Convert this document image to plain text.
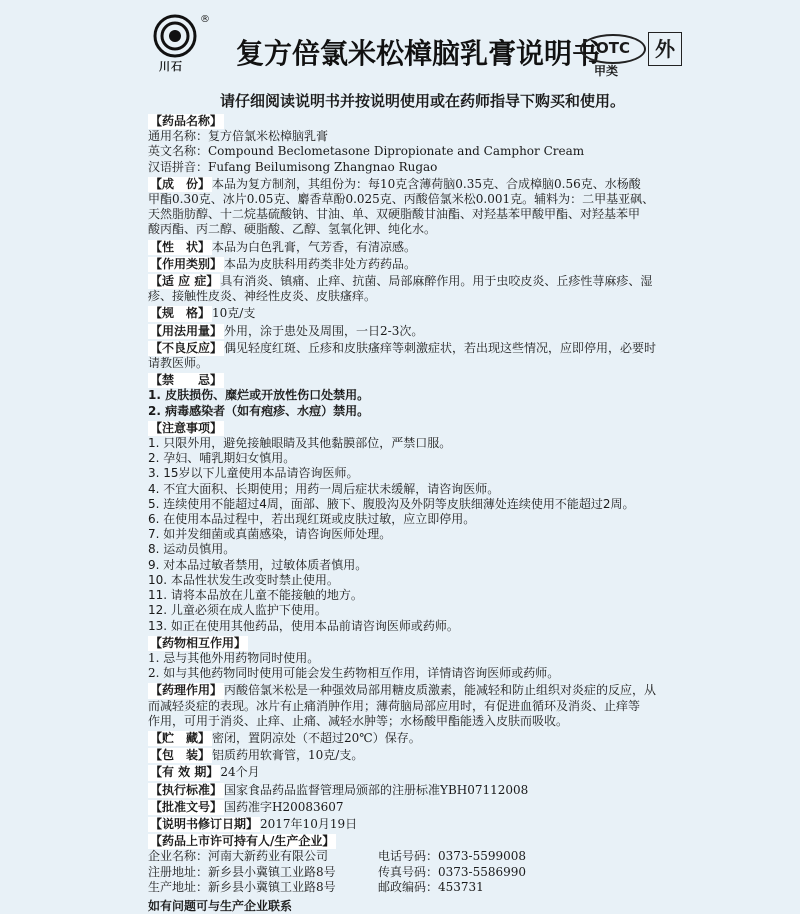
®
川石 复方倍氯米松樟脑乳膏说明书
OTC
甲类
外
请仔细阅读说明书并按说明使用或在药师指导下购买和使用。
【药品名称】
通用名称：复方倍氯米松樟脑乳膏
英文名称：Compound Beclometasone Dipropionate and Camphor Cream
汉语拼音：Fufang Beilumisong Zhangnao Rugao
【成　份】 本品为复方制剂，其组份为：每10克含薄荷脑0.35克、合成樟脑0.56克、水杨酸
甲酯0.30克、冰片0.05克、麝香草酚0.025克、丙酸倍氯米松0.001克。辅料为：二甲基亚砜、
天然脂肪醇、十二烷基硫酸钠、甘油、单、双硬脂酸甘油酯、对羟基苯甲酸甲酯、对羟基苯甲
酸丙酯、丙二醇、硬脂酸、乙醇、氢氧化钾、纯化水。
【性　状】 本品为白色乳膏，气芳香，有清凉感。
【作用类别】 本品为皮肤科用药类非处方药药品。
【适 应 症】 具有消炎、镇痛、止痒、抗菌、局部麻醉作用。用于虫咬皮炎、丘疹性荨麻疹、湿
疹、接触性皮炎、神经性皮炎、皮肤瘙痒。
【规　格】 10克/支
【用法用量】 外用，涂于患处及周围，一日2-3次。
【不良反应】 偶见轻度红斑、丘疹和皮肤瘙痒等刺激症状，若出现这些情况，应即停用，必要时
请教医师。
【禁　　忌】
1. 皮肤损伤、糜烂或开放性伤口处禁用。
2. 病毒感染者（如有疱疹、水痘）禁用。
【注意事项】
1. 只限外用，避免接触眼睛及其他黏膜部位，严禁口服。
2. 孕妇、哺乳期妇女慎用。
3. 15岁以下儿童使用本品请咨询医师。
4. 不宜大面积、长期使用；用药一周后症状未缓解，请咨询医师。
5. 连续使用不能超过4周，面部、腋下、腹股沟及外阴等皮肤细薄处连续使用不能超过2周。
6. 在使用本品过程中，若出现红斑或皮肤过敏，应立即停用。
7. 如并发细菌或真菌感染，请咨询医师处理。
8. 运动员慎用。
9. 对本品过敏者禁用，过敏体质者慎用。
10. 本品性状发生改变时禁止使用。
11. 请将本品放在儿童不能接触的地方。
12. 儿童必须在成人监护下使用。
13. 如正在使用其他药品，使用本品前请咨询医师或药师。
【药物相互作用】
1. 忌与其他外用药物同时使用。
2. 如与其他药物同时使用可能会发生药物相互作用，详情请咨询医师或药师。
【药理作用】 丙酸倍氯米松是一种强效局部用糖皮质激素，能减轻和防止组织对炎症的反应，从
而减轻炎症的表现。冰片有止痛消肿作用；薄荷脑局部应用时，有促进血循环及消炎、止痒等
作用，可用于消炎、止痒、止痛、减轻水肿等；水杨酸甲酯能透入皮肤而吸收。
【贮　藏】 密闭，置阴凉处（不超过20℃）保存。
【包　装】 铝质药用软膏管，10克/支。
【有 效 期】 24个月
【执行标准】 国家食品药品监督管理局颁部的注册标准YBH07112008
【批准文号】 国药准字H20083607
【说明书修订日期】 2017年10月19日
【药品上市许可持有人/生产企业】
企业名称：河南大新药业有限公司	电话号码：0373-5599008
注册地址：新乡县小冀镇工业路8号	传真号码：0373-5586990
生产地址：新乡县小冀镇工业路8号	邮政编码：453731
如有问题可与生产企业联系
